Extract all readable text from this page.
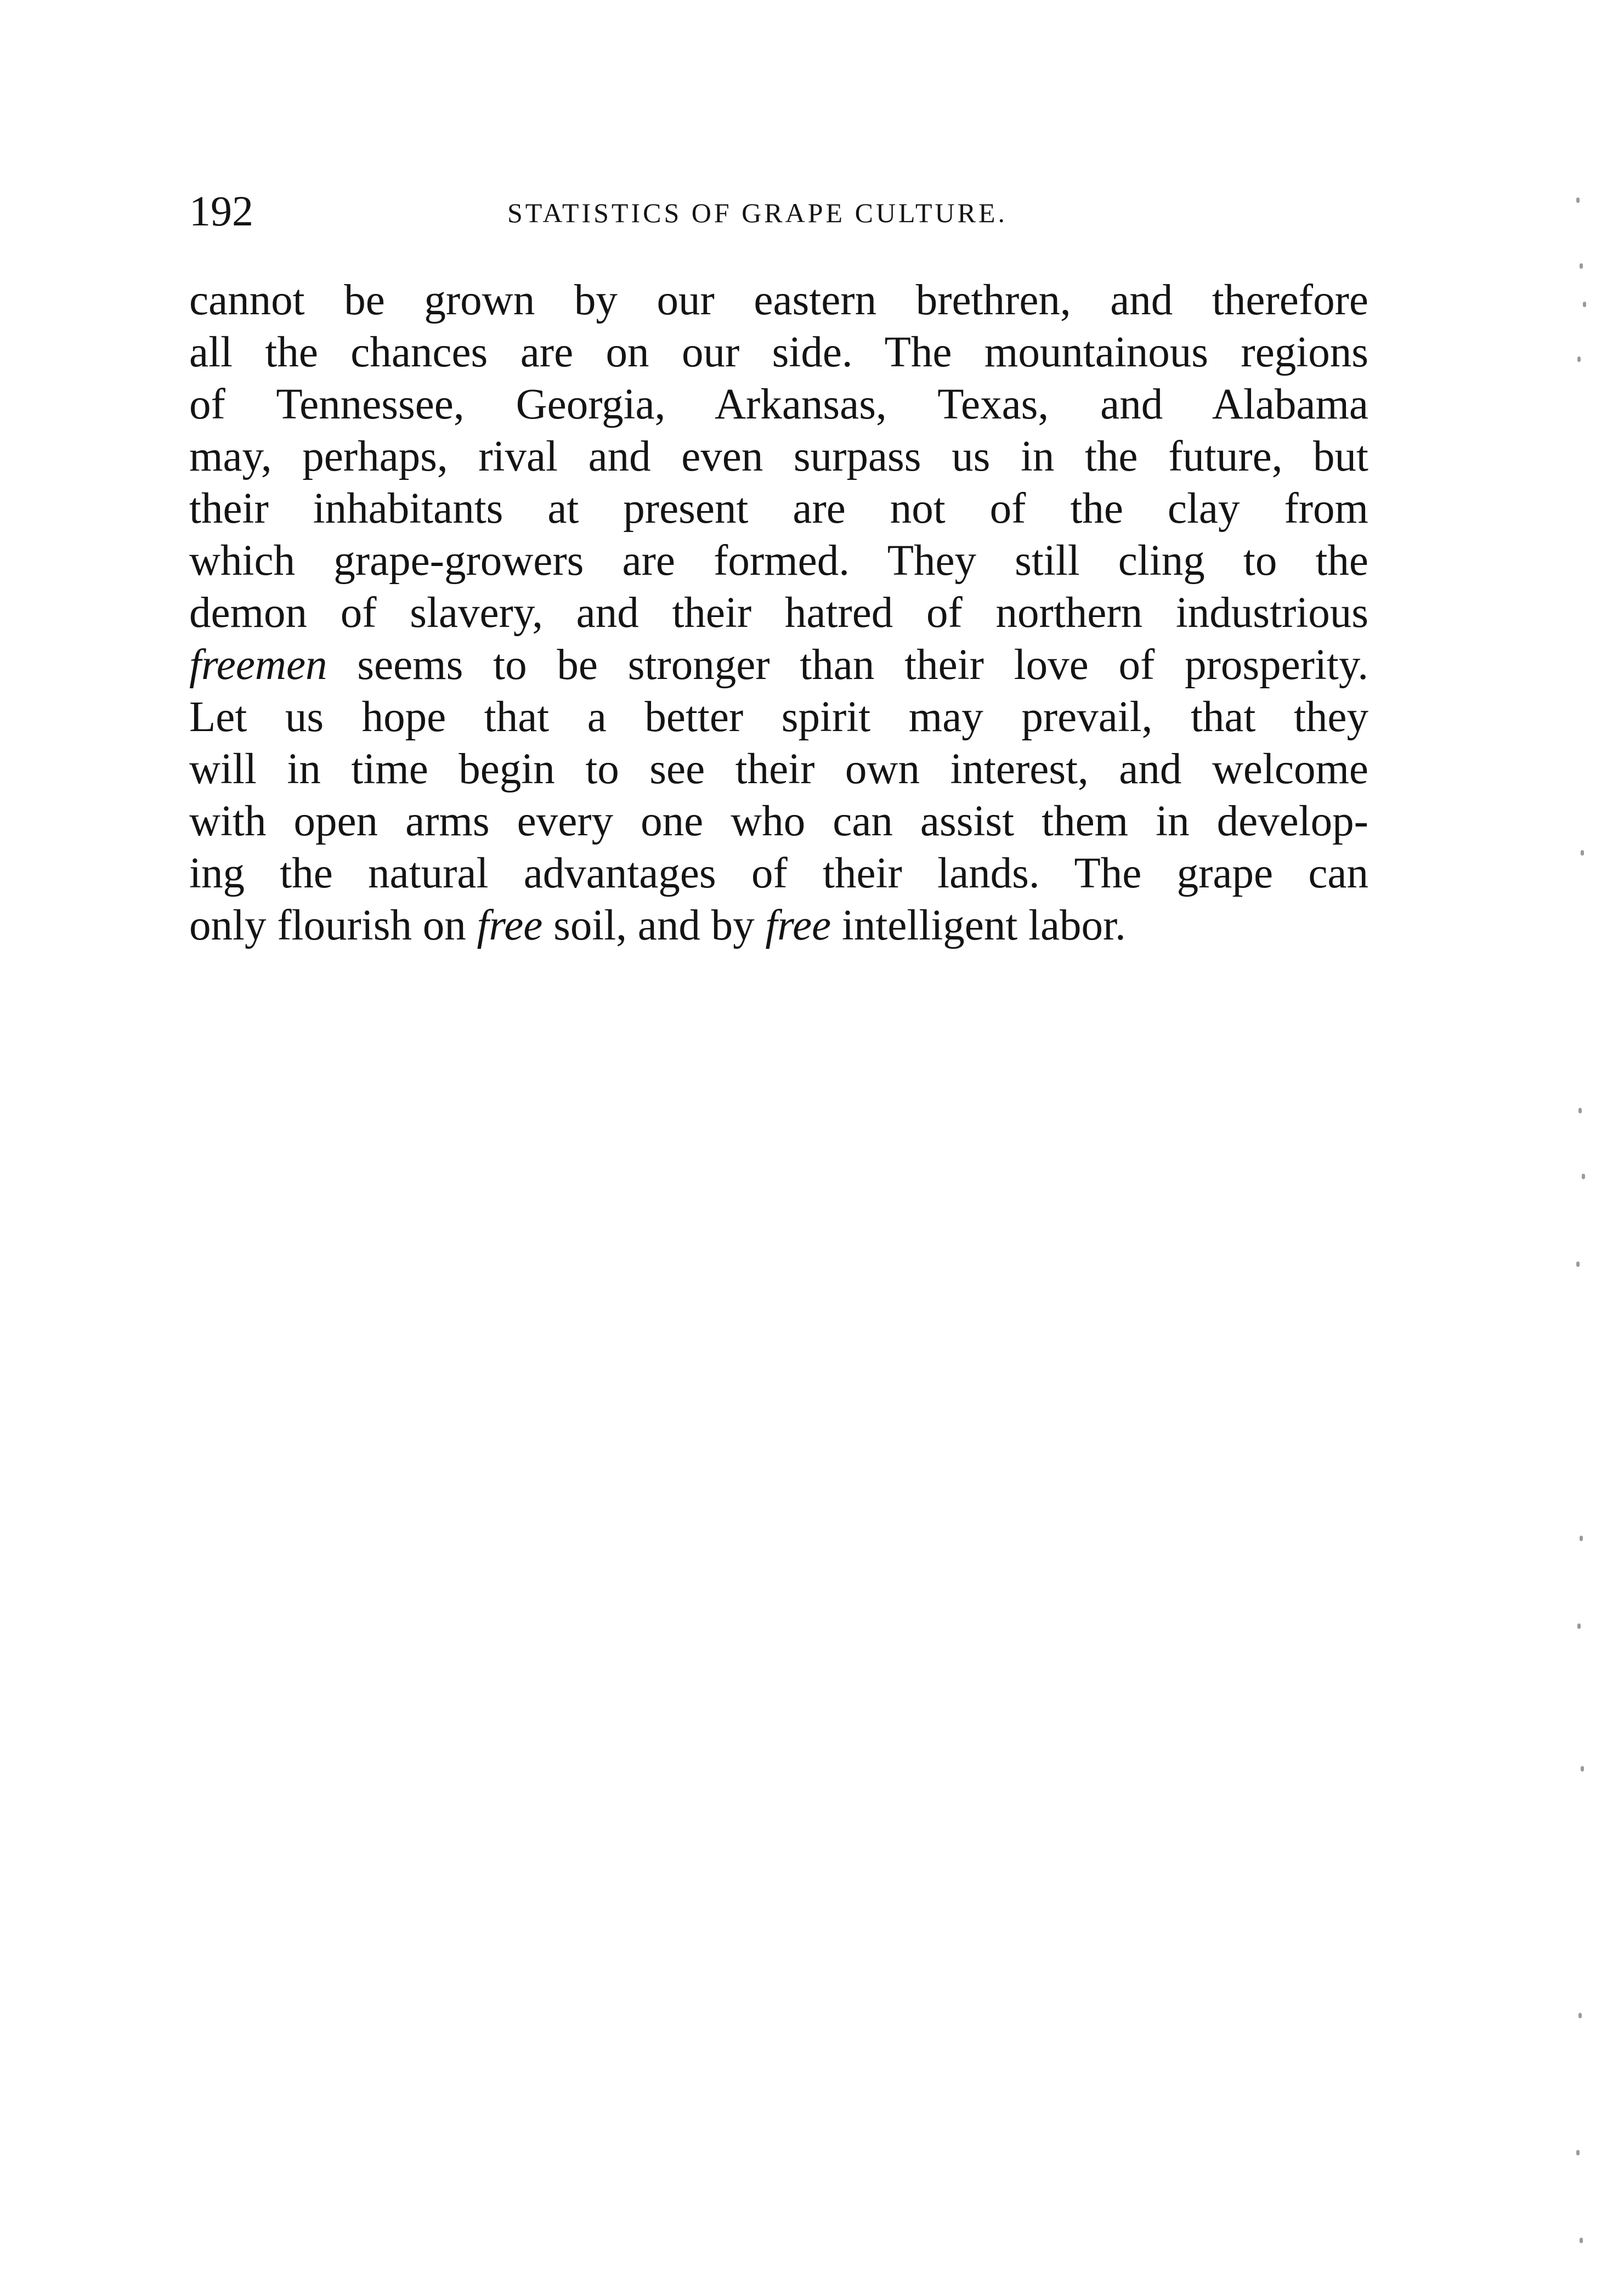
192	STATISTICS OF GRAPE CULTURE.
cannot be grown by our eastern brethren, and therefore
all the chances are on our side. The mountainous regions
of Tennessee, Georgia, Arkansas, Texas, and Alabama
may, perhaps, rival and even surpass us in the future, but
their inhabitants at present are not of the clay from
which grape-growers are formed. They still cling to the
demon of slavery, and their hatred of northern industrious
freemen seems to be stronger than their love of prosperity.
Let us hope that a better spirit may prevail, that they
will in time begin to see their own interest, and welcome
with open arms every one who can assist them in develop-
ing the natural advantages of their lands. The grape can
only flourish on free soil, and by free intelligent labor.
